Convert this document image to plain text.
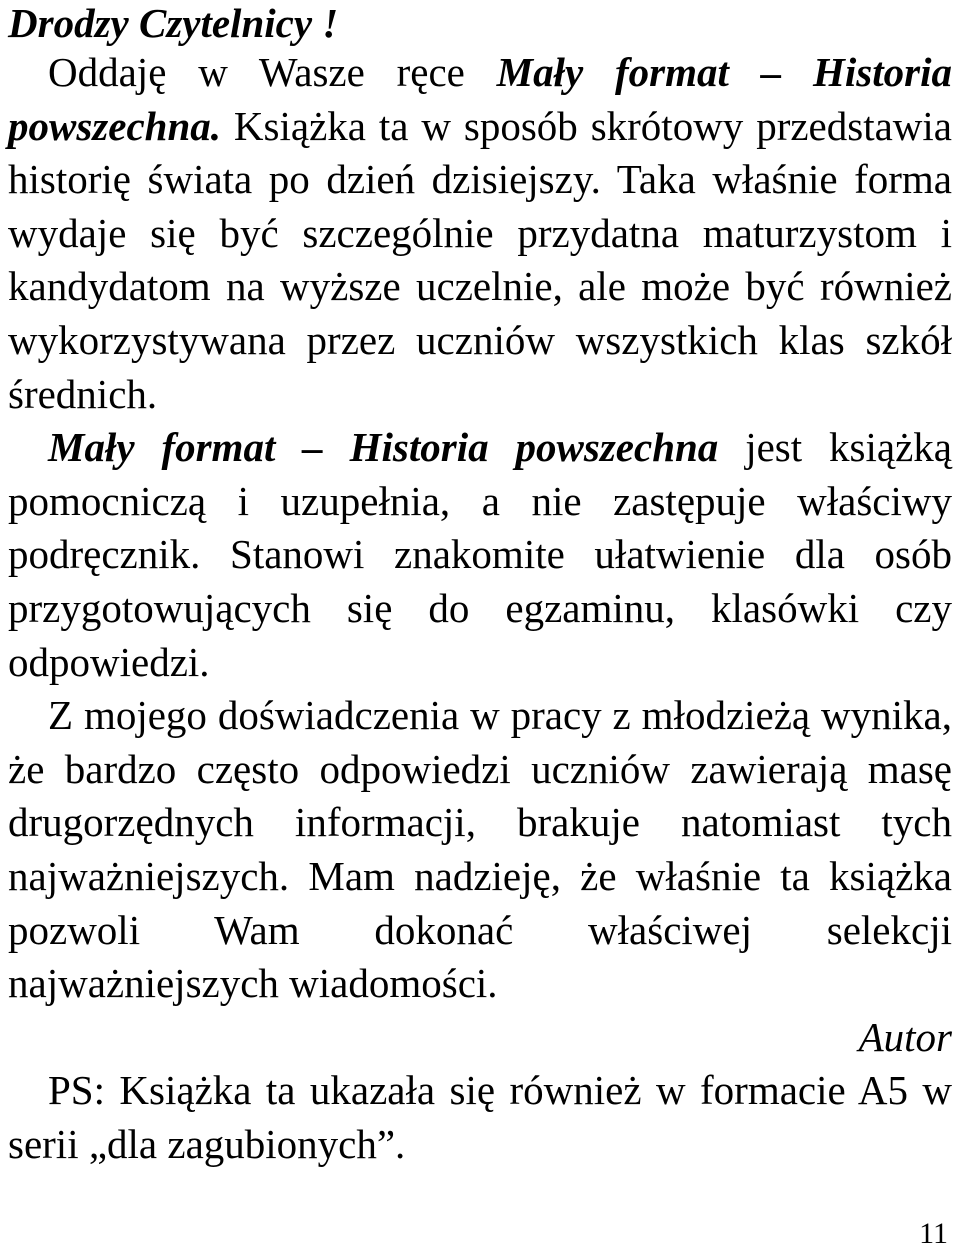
Drodzy Czytelnicy !

Oddaję w Wasze ręce Mały format – Historia powszechna. Książka ta w sposób skrótowy przedstawia historię świata po dzień dzisiejszy. Taka właśnie forma wydaje się być szczególnie przydatna maturzystom i kandydatom na wyższe uczelnie, ale może być również wykorzystywana przez uczniów wszystkich klas szkół średnich.

Mały format – Historia powszechna jest książką pomocniczą i uzupełnia, a nie zastępuje właściwy podręcznik. Stanowi znakomite ułatwienie dla osób przygotowujących się do egzaminu, klasówki czy odpowiedzi.

Z mojego doświadczenia w pracy z młodzieżą wynika, że bardzo często odpowiedzi uczniów zawierają masę drugorzędnych informacji, brakuje natomiast tych najważniejszych. Mam nadzieję, że właśnie ta książka pozwoli Wam dokonać właściwej selekcji najważniejszych wiadomości.

Autor

PS: Książka ta ukazała się również w formacie A5 w serii „dla zagubionych”.

11
